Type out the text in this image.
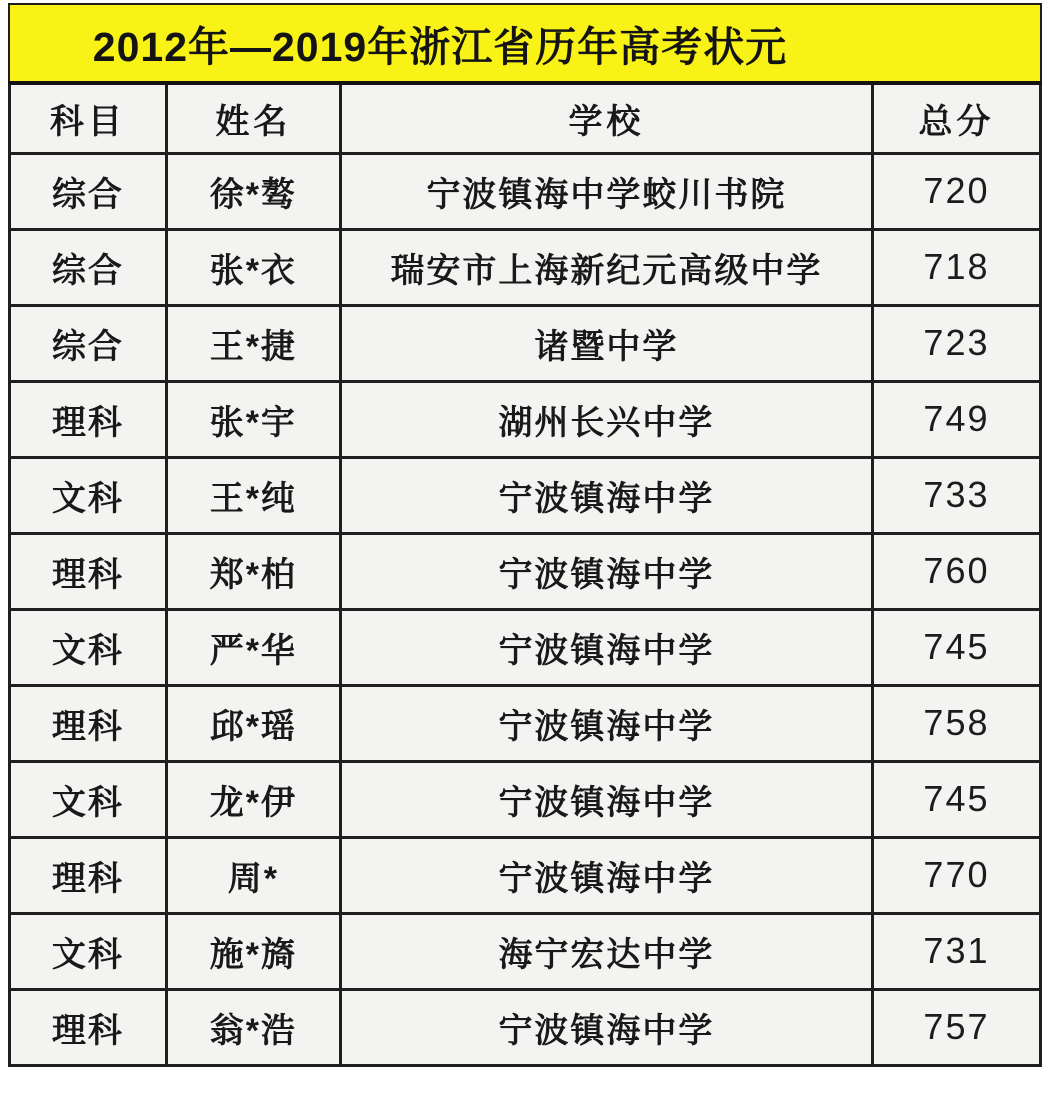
2012年—2019年浙江省历年高考状元
科目	姓名	学校	总分
综合	徐*骜	宁波镇海中学蛟川书院	720
综合	张*衣	瑞安市上海新纪元高级中学	718
综合	王*捷	诸暨中学	723
理科	张*宇	湖州长兴中学	749
文科	王*纯	宁波镇海中学	733
理科	郑*柏	宁波镇海中学	760
文科	严*华	宁波镇海中学	745
理科	邱*瑶	宁波镇海中学	758
文科	龙*伊	宁波镇海中学	745
理科	周*	宁波镇海中学	770
文科	施*旖	海宁宏达中学	731
理科	翁*浩	宁波镇海中学	757
